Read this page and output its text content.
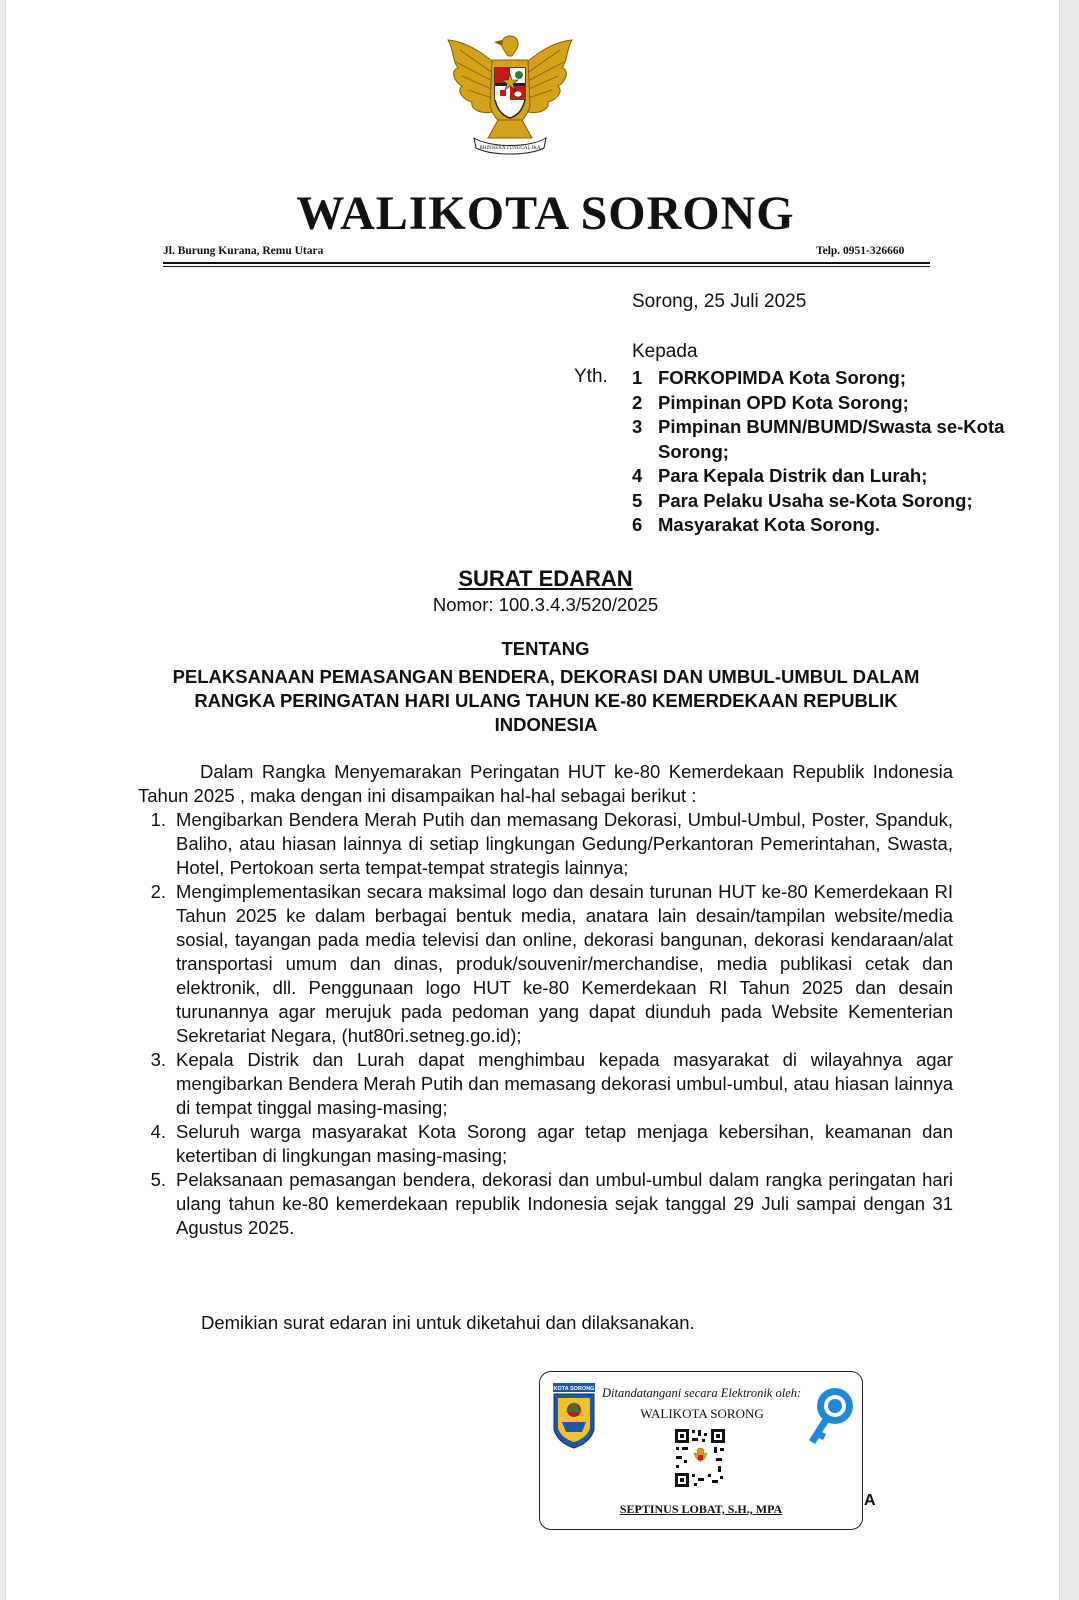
BHINNEKA TUNGGAL IKA
WALIKOTA SORONG
Jl. Burung Kurana, Remu Utara	Telp. 0951-326660
Sorong, 25 Juli 2025
Kepada
Yth. 1 FORKOPIMDA Kota Sorong;
2 Pimpinan OPD Kota Sorong;
3 Pimpinan BUMN/BUMD/Swasta se-Kota Sorong;
4 Para Kepala Distrik dan Lurah;
5 Para Pelaku Usaha se-Kota Sorong;
6 Masyarakat Kota Sorong.
SURAT EDARAN
Nomor: 100.3.4.3/520/2025
TENTANG
PELAKSANAAN PEMASANGAN BENDERA, DEKORASI DAN UMBUL-UMBUL DALAM RANGKA PERINGATAN HARI ULANG TAHUN KE-80 KEMERDEKAAN REPUBLIK INDONESIA
Dalam Rangka Menyemarakan Peringatan HUT ke-80 Kemerdekaan Republik Indonesia Tahun 2025 , maka dengan ini disampaikan hal-hal sebagai berikut :
1. Mengibarkan Bendera Merah Putih dan memasang Dekorasi, Umbul-Umbul, Poster, Spanduk, Baliho, atau hiasan lainnya di setiap lingkungan Gedung/Perkantoran Pemerintahan, Swasta, Hotel, Pertokoan serta tempat-tempat strategis lainnya;
2. Mengimplementasikan secara maksimal logo dan desain turunan HUT ke-80 Kemerdekaan RI Tahun 2025 ke dalam berbagai bentuk media, anatara lain desain/tampilan website/media sosial, tayangan pada media televisi dan online, dekorasi bangunan, dekorasi kendaraan/alat transportasi umum dan dinas, produk/souvenir/merchandise, media publikasi cetak dan elektronik, dll. Penggunaan logo HUT ke-80 Kemerdekaan RI Tahun 2025 dan desain turunannya agar merujuk pada pedoman yang dapat diunduh pada Website Kementerian Sekretariat Negara, (hut80ri.setneg.go.id);
3. Kepala Distrik dan Lurah dapat menghimbau kepada masyarakat di wilayahnya agar mengibarkan Bendera Merah Putih dan memasang dekorasi umbul-umbul, atau hiasan lainnya di tempat tinggal masing-masing;
4. Seluruh warga masyarakat Kota Sorong agar tetap menjaga kebersihan, keamanan dan ketertiban di lingkungan masing-masing;
5. Pelaksanaan pemasangan bendera, dekorasi dan umbul-umbul dalam rangka peringatan hari ulang tahun ke-80 kemerdekaan republik Indonesia sejak tanggal 29 Juli sampai dengan 31 Agustus 2025.
Demikian surat edaran ini untuk diketahui dan dilaksanakan.
KOTA SORONG Ditandatangani secara Elektronik oleh:
WALIKOTA SORONG
SEPTINUS LOBAT, S.H., MPA	A
